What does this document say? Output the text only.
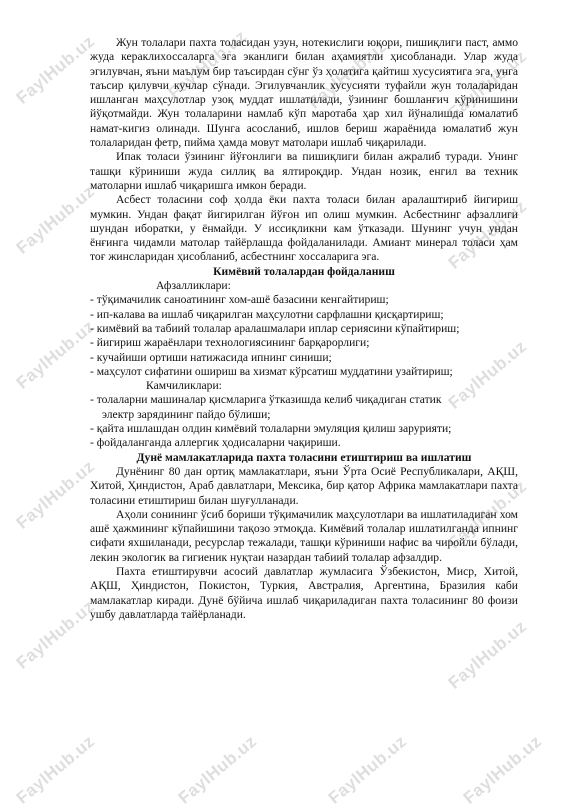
FaylHub.uz	FaylHub.uz	FaylHub.uz	FaylHub.uz
FaylHub.uz	FaylHub.uz
FaylHub.uz	FaylHub.uz
FaylHub.uz	FaylHub.uz
FaylHub.uz	FaylHub.uz
FaylHub.uz	FaylHub.uz	FaylHub.uz	FaylHub.uz

Жун толалари пахта толасидан узун, нотекислиги юқори, пишиқлиги паст, аммо жуда кераклиxоссаларга эга эканлиги билан аҳамиятли ҳисобланади. Улар жуда эгилувчан, яъни маълум бир таъсирдан сўнг ўз ҳолатига қайтиш хусусиятига эга, унга таъсир қилувчи кучлар сўнади. Эгилувчанлик хусусияти туфайли жун толаларидан ишланган маҳсулотлар узоқ муддат ишлатилади, ўзининг бошланғич кўринишини йўқотмайди. Жун толаларини намлаб кўп маротаба ҳар хил йўналишда юмалатиб намат-кигиз олинади. Шунга асосланиб, ишлов бериш жараёнида юмалатиб жун толаларидан фетр, пийма ҳамда мовут матолари ишлаб чиқарилади.

Ипак толаси ўзининг йўғонлиги ва пишиқлиги билан ажралиб туради. Унинг ташқи кўриниши жуда силлиқ ва ялтироқдир. Ундан нозик, енгил ва техник матоларни ишлаб чиқаришга имкон беради.

Асбест толасини соф ҳолда ёки пахта толаси билан аралаштириб йигириш мумкин. Ундан фақат йигирилган йўғон ип олиш мумкин. Асбестнинг афзаллиги шундан иборатки, у ёнмайди. У иссиқликни кам ўтказади. Шунинг учун ундан ёнғинга чидамли матолар тайёрлашда фойдаланилади. Амиант минерал толаси ҳам тоғ жинсларидан ҳисобланиб, асбестнинг хоссаларига эга.

Кимёвий толалардан фойдаланиш

Афзалликлари:

- тўқимачилик саноатининг хом-ашё базасини кенгайтириш;

- ип-калава ва ишлаб чиқарилган маҳсулотни сарфлашни қисқартириш;

- кимёвий ва табиий толалар аралашмалари иплар сериясини кўпайтириш;

- йигириш жараёнлари технологиясининг барқарорлиги;

- кучайиши ортиши натижасида ипнинг синиши;

- маҳсулот сифатини ошириш ва хизмат кўрсатиш муддатини узайтириш;

Камчиликлари:

- толаларни машиналар қисмларига ўтказишда келиб чиқадиган статик

электр зарядининг пайдо бўлиши;

- қайта ишлашдан олдин кимёвий толаларни эмуляция қилиш зарурияти;

- фойдаланганда аллергик ҳодисаларни чақириши.

Дунё мамлакатларида пахта толасини етиштириш ва ишлатиш

Дунёнинг 80 дан ортиқ мамлакатлари, яъни Ўрта Осиё Республикалари, АҚШ, Хитой, Ҳиндистон, Араб давлатлари, Мексика, бир қатор Африка мамлакатлари пахта толасини етиштириш билан шуғулланади.

Аҳоли сонининг ўсиб бориши тўқимачилик маҳсулотлари ва ишлатиладиган хом ашё ҳажмининг кўпайишини тақозо этмоқда. Кимёвий толалар ишлатилганда ипнинг сифати яхшиланади, ресурслар тежалади, ташқи кўриниши нафис ва чиройли бўлади, лекин экологик ва гигиеник нуқтаи назардан табиий толалар афзалдир.

Пахта етиштирувчи асосий давлатлар жумласига Ўзбекистон, Миср, Хитой, АҚШ, Ҳиндистон, Покистон, Туркия, Австралия, Аргентина, Бразилия каби мамлакатлар киради. Дунё бўйича ишлаб чиқариладиган пахта толасининг 80 фоизи ушбу давлатларда тайёрланади.
